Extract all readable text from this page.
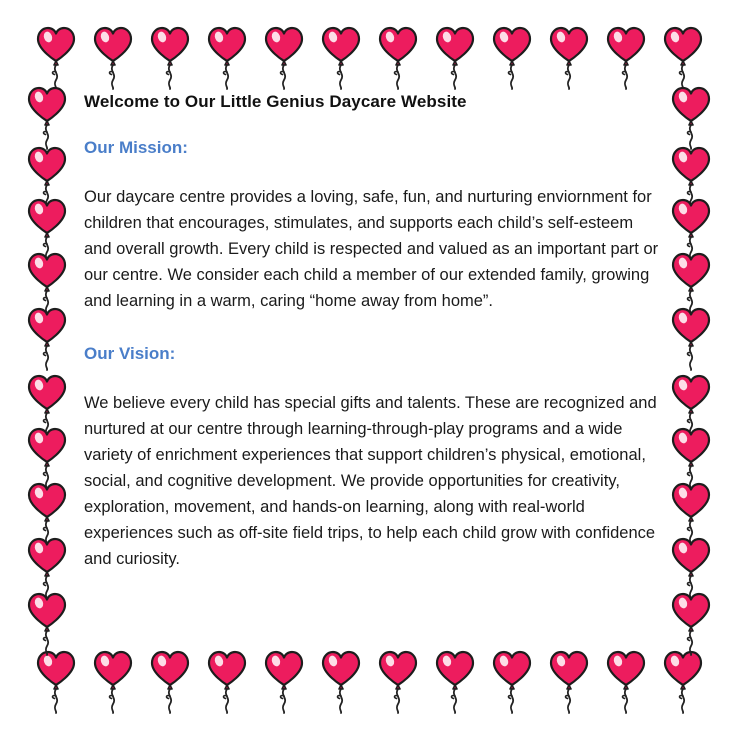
Welcome to Our Little Genius Daycare Website
Our Mission:

Our daycare centre provides a loving, safe, fun, and nurturing enviornment for children that encourages, stimulates, and supports each child’s self-esteem and overall growth. Every child is respected and valued as an important part or our centre. We consider each child a member of our extended family, growing and learning in a warm, caring “home away from home”.

Our Vision:

We believe every child has special gifts and talents. These are recognized and nurtured at our centre through learning-through-play programs and a wide variety of enrichment experiences that support children’s physical, emotional, social, and cognitive development. We provide opportunities for creativity, exploration, movement, and hands-on learning, along with real-world experiences such as off-site field trips, to help each child grow with confidence and curiosity.
